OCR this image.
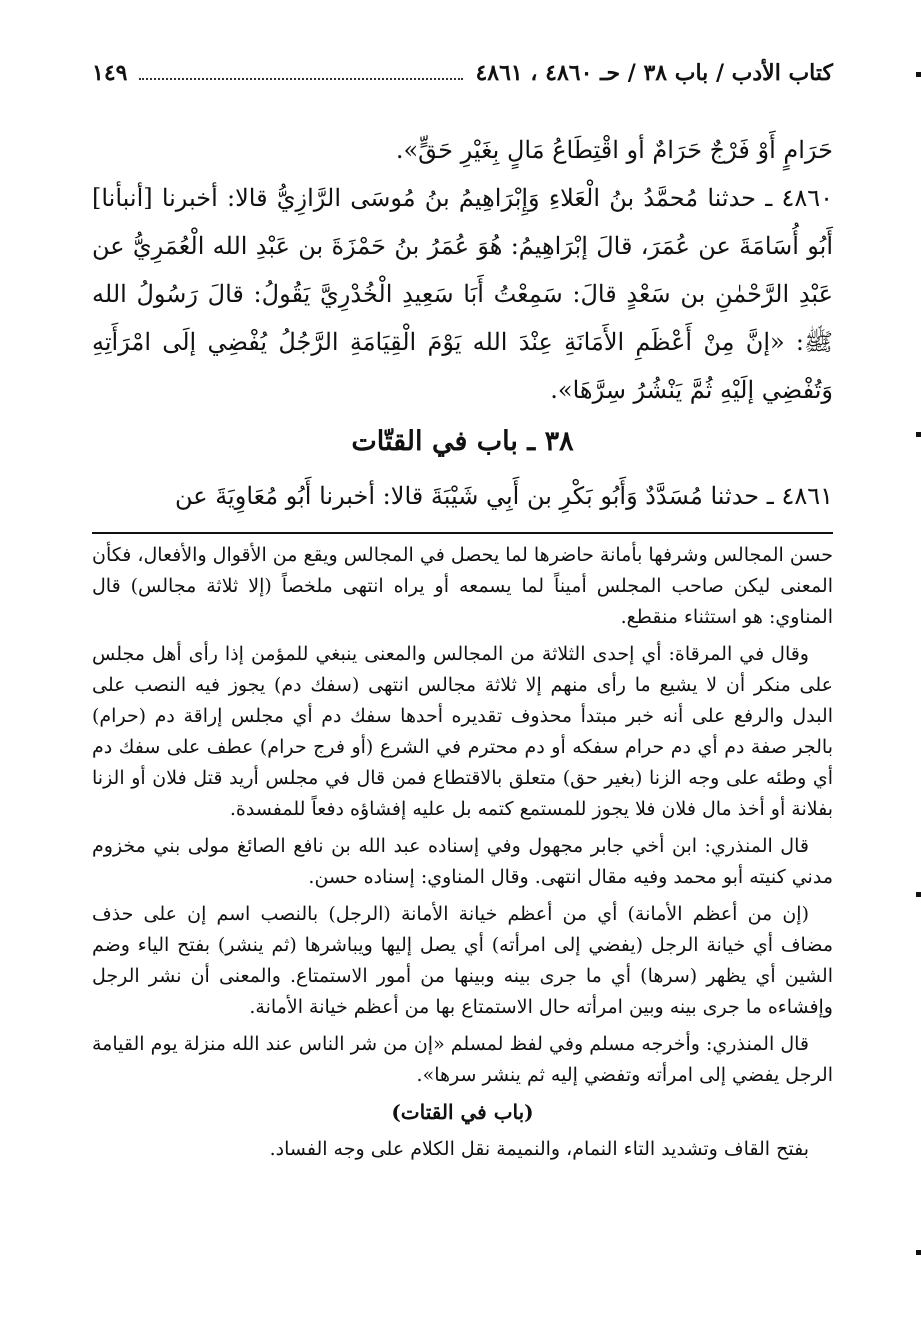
كتاب الأدب / باب ٣٨ / حـ ٤٨٦٠ ، ٤٨٦١
١٤٩

حَرَامٍ أَوْ فَرْجٌ حَرَامٌ أو اقْتِطَاعُ مَالٍ بِغَيْرِ حَقٍّ».

٤٨٦٠ ـ حدثنا مُحمَّدُ بنُ الْعَلاءِ وَإِبْرَاهِيمُ بنُ مُوسَى الرَّازِيُّ قالا: أخبرنا [أنبأنا] أَبُو أُسَامَةَ عن عُمَرَ، قالَ إبْرَاهِيمُ: هُوَ عُمَرُ بنُ حَمْزَةَ بن عَبْدِ الله الْعُمَرِيُّ عن عَبْدِ الرَّحْمٰنِ بن سَعْدٍ قالَ: سَمِعْتُ أَبَا سَعِيدِ الْخُدْرِيَّ يَقُولُ: قالَ رَسُولُ الله ﷺ: «إنَّ مِنْ أَعْظَمِ الأَمَانَةِ عِنْدَ الله يَوْمَ الْقِيَامَةِ الرَّجُلُ يُفْضِي إلَى امْرَأَتِهِ وَتُفْضِي إلَيْهِ ثُمَّ يَنْشُرُ سِرَّهَا».

٣٨ ـ باب في القتّات

٤٨٦١ ـ حدثنا مُسَدَّدٌ وَأَبُو بَكْرِ بن أَبِي شَيْبَةَ قالا: أخبرنا أَبُو مُعَاوِيَةَ عن

حسن المجالس وشرفها بأمانة حاضرها لما يحصل في المجالس ويقع من الأقوال والأفعال، فكأن المعنى ليكن صاحب المجلس أميناً لما يسمعه أو يراه انتهى ملخصاً (إلا ثلاثة مجالس) قال المناوي: هو استثناء منقطع.

وقال في المرقاة: أي إحدى الثلاثة من المجالس والمعنى ينبغي للمؤمن إذا رأى أهل مجلس على منكر أن لا يشيع ما رأى منهم إلا ثلاثة مجالس انتهى (سفك دم) يجوز فيه النصب على البدل والرفع على أنه خبر مبتدأ محذوف تقديره أحدها سفك دم أي مجلس إراقة دم (حرام) بالجر صفة دم أي دم حرام سفكه أو دم محترم في الشرع (أو فرج حرام) عطف على سفك دم أي وطئه على وجه الزنا (بغير حق) متعلق بالاقتطاع فمن قال في مجلس أريد قتل فلان أو الزنا بفلانة أو أخذ مال فلان فلا يجوز للمستمع كتمه بل عليه إفشاؤه دفعاً للمفسدة.

قال المنذري: ابن أخي جابر مجهول وفي إسناده عبد الله بن نافع الصائغ مولى بني مخزوم مدني كنيته أبو محمد وفيه مقال انتهى. وقال المناوي: إسناده حسن.

(إن من أعظم الأمانة) أي من أعظم خيانة الأمانة (الرجل) بالنصب اسم إن على حذف مضاف أي خيانة الرجل (يفضي إلى امرأته) أي يصل إليها ويباشرها (ثم ينشر) بفتح الياء وضم الشين أي يظهر (سرها) أي ما جرى بينه وبينها من أمور الاستمتاع. والمعنى أن نشر الرجل وإفشاءه ما جرى بينه وبين امرأته حال الاستمتاع بها من أعظم خيانة الأمانة.

قال المنذري: وأخرجه مسلم وفي لفظ لمسلم «إن من شر الناس عند الله منزلة يوم القيامة الرجل يفضي إلى امرأته وتفضي إليه ثم ينشر سرها».

(باب في القتات)

بفتح القاف وتشديد التاء النمام، والنميمة نقل الكلام على وجه الفساد.
